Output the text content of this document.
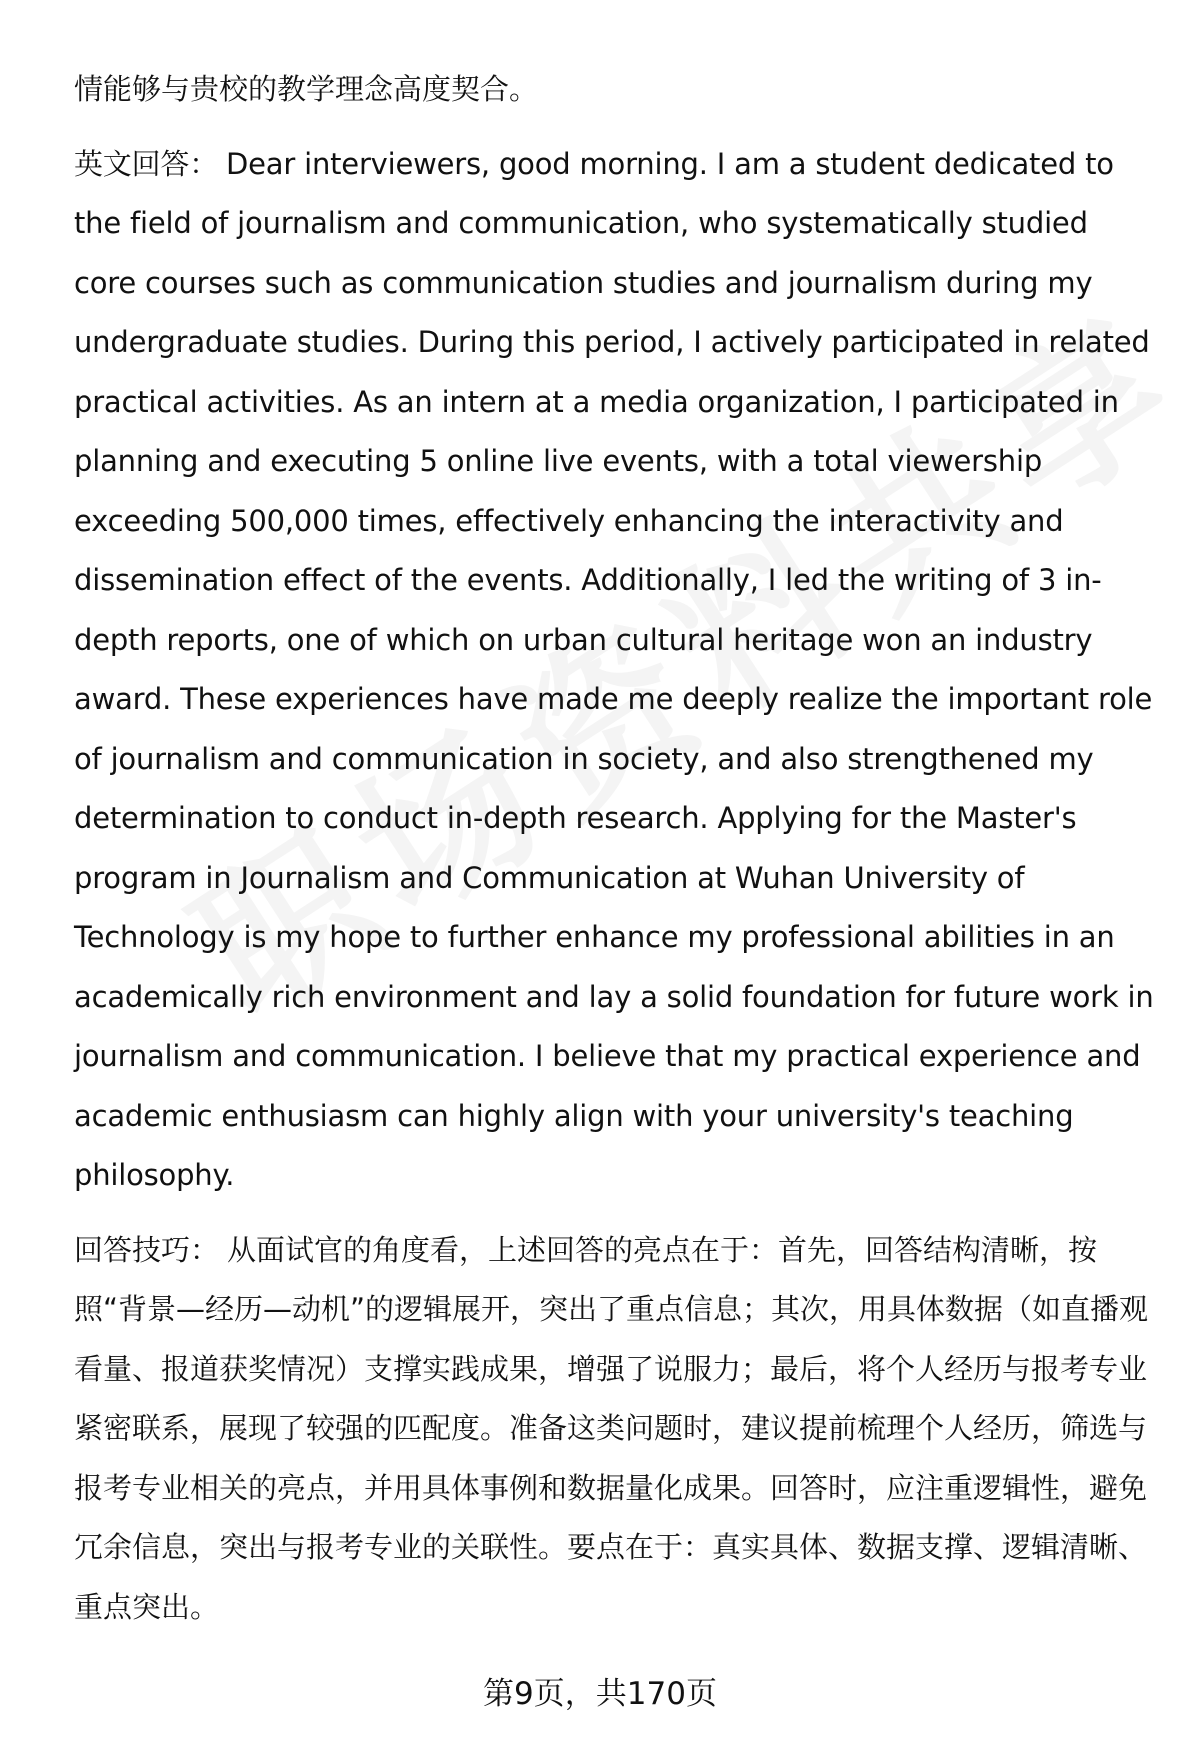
情能够与贵校的教学理念高度契合。

英文回答： Dear interviewers, good morning. I am a student dedicated to the field of journalism and communication, who systematically studied core courses such as communication studies and journalism during my undergraduate studies. During this period, I actively participated in related practical activities. As an intern at a media organization, I participated in planning and executing 5 online live events, with a total viewership exceeding 500,000 times, effectively enhancing the interactivity and dissemination effect of the events. Additionally, I led the writing of 3 in-depth reports, one of which on urban cultural heritage won an industry award. These experiences have made me deeply realize the important role of journalism and communication in society, and also strengthened my determination to conduct in-depth research. Applying for the Master's program in Journalism and Communication at Wuhan University of Technology is my hope to further enhance my professional abilities in an academically rich environment and lay a solid foundation for future work in journalism and communication. I believe that my practical experience and academic enthusiasm can highly align with your university's teaching philosophy.

回答技巧： 从面试官的角度看，上述回答的亮点在于：首先，回答结构清晰，按照“背景—经历—动机”的逻辑展开，突出了重点信息；其次，用具体数据（如直播观看量、报道获奖情况）支撑实践成果，增强了说服力；最后，将个人经历与报考专业紧密联系，展现了较强的匹配度。准备这类问题时，建议提前梳理个人经历，筛选与报考专业相关的亮点，并用具体事例和数据量化成果。回答时，应注重逻辑性，避免冗余信息，突出与报考专业的关联性。要点在于：真实具体、数据支撑、逻辑清晰、重点突出。

第9页，共170页
